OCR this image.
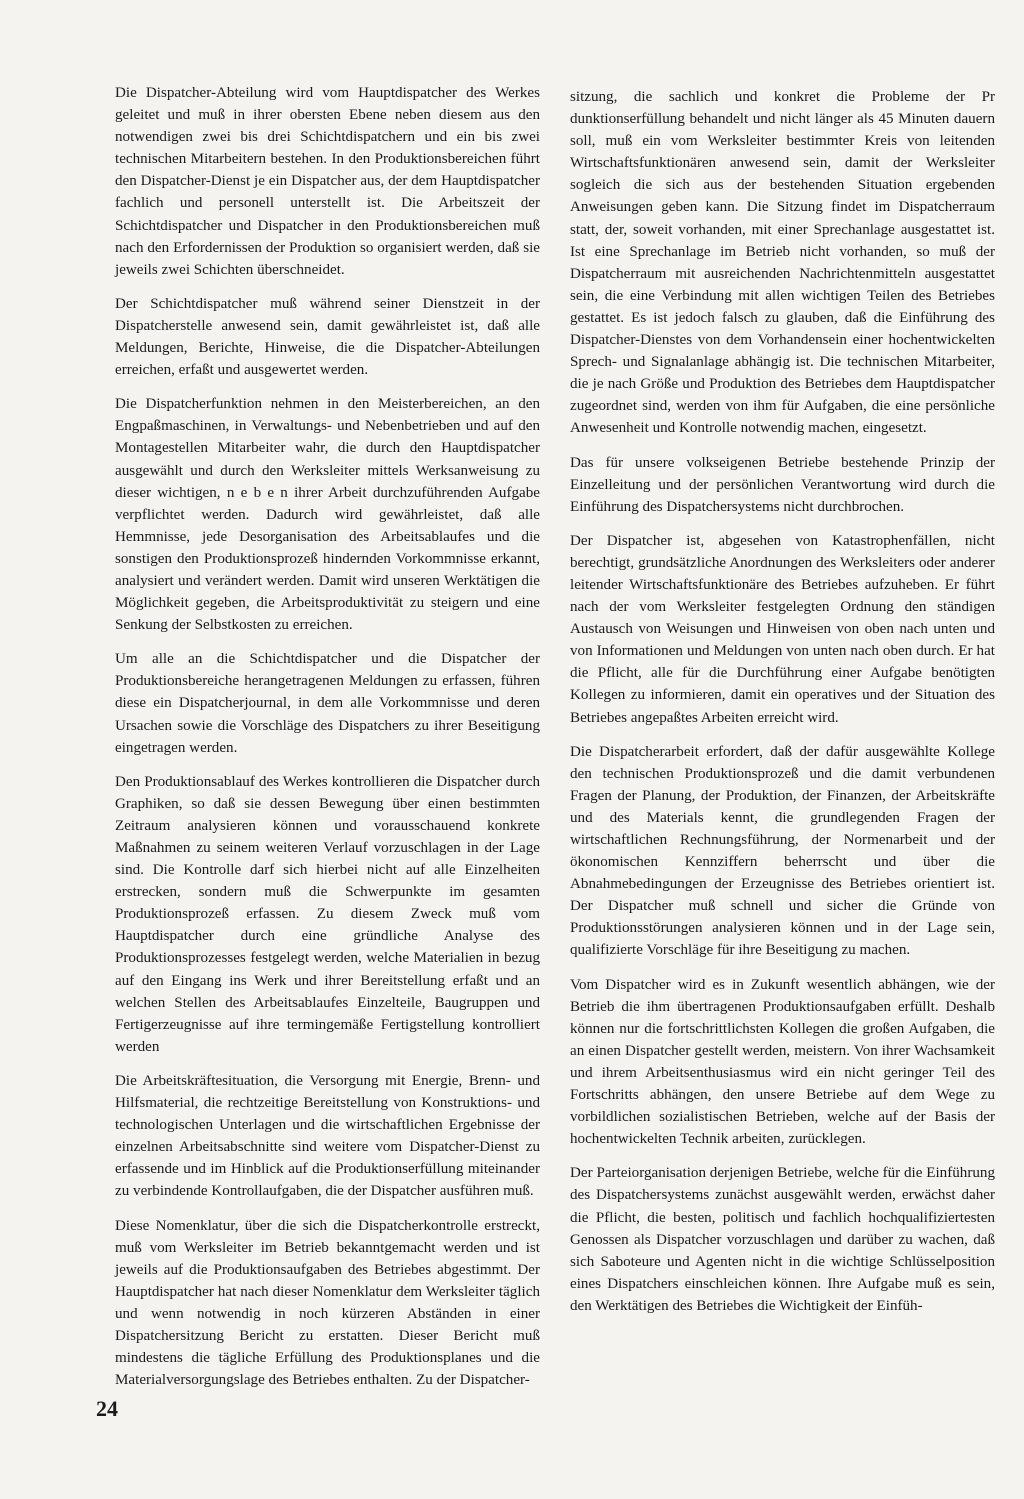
Die Dispatcher-Abteilung wird vom Hauptdispatcher des Werkes geleitet und muß in ihrer obersten Ebene neben diesem aus den notwendigen zwei bis drei Schichtdispatchern und ein bis zwei technischen Mitarbeitern bestehen. In den Produktionsbereichen führt den Dispatcher-Dienst je ein Dispatcher aus, der dem Hauptdispatcher fachlich und personell unterstellt ist. Die Arbeitszeit der Schichtdispatcher und Dispatcher in den Produktionsbereichen muß nach den Erfordernissen der Produktion so organisiert werden, daß sie jeweils zwei Schichten überschneidet.

Der Schichtdispatcher muß während seiner Dienstzeit in der Dispatcherstelle anwesend sein, damit gewährleistet ist, daß alle Meldungen, Berichte, Hinweise, die die Dispatcher-Abteilungen erreichen, erfaßt und ausgewertet werden.

Die Dispatcherfunktion nehmen in den Meisterbereichen, an den Engpaßmaschinen, in Verwaltungs- und Nebenbetrieben und auf den Montagestellen Mitarbeiter wahr, die durch den Hauptdispatcher ausgewählt und durch den Werksleiter mittels Werksanweisung zu dieser wichtigen, n e b e n ihrer Arbeit durchzuführenden Aufgabe verpflichtet werden. Dadurch wird gewährleistet, daß alle Hemmnisse, jede Desorganisation des Arbeitsablaufes und die sonstigen den Produktionsprozeß hindernden Vorkommnisse erkannt, analysiert und verändert werden. Damit wird unseren Werktätigen die Möglichkeit gegeben, die Arbeitsproduktivität zu steigern und eine Senkung der Selbstkosten zu erreichen.

Um alle an die Schichtdispatcher und die Dispatcher der Produktionsbereiche herangetragenen Meldungen zu erfassen, führen diese ein Dispatcherjournal, in dem alle Vorkommnisse und deren Ursachen sowie die Vorschläge des Dispatchers zu ihrer Beseitigung eingetragen werden.

Den Produktionsablauf des Werkes kontrollieren die Dispatcher durch Graphiken, so daß sie dessen Bewegung über einen bestimmten Zeitraum analysieren können und vorausschauend konkrete Maßnahmen zu seinem weiteren Verlauf vorzuschlagen in der Lage sind. Die Kontrolle darf sich hierbei nicht auf alle Einzelheiten erstrecken, sondern muß die Schwerpunkte im gesamten Produktionsprozeß erfassen. Zu diesem Zweck muß vom Hauptdispatcher durch eine gründliche Analyse des Produktionsprozesses festgelegt werden, welche Materialien in bezug auf den Eingang ins Werk und ihrer Bereitstellung erfaßt und an welchen Stellen des Arbeitsablaufes Einzelteile, Baugruppen und Fertigerzeugnisse auf ihre termingemäße Fertigstellung kontrolliert werden

Die Arbeitskräftesituation, die Versorgung mit Energie, Brenn- und Hilfsmaterial, die rechtzeitige Bereitstellung von Konstruktions- und technologischen Unterlagen und die wirtschaftlichen Ergebnisse der einzelnen Arbeitsabschnitte sind weitere vom Dispatcher-Dienst zu erfassende und im Hinblick auf die Produktionserfüllung miteinander zu verbindende Kontrollaufgaben, die der Dispatcher ausführen muß.

Diese Nomenklatur, über die sich die Dispatcherkontrolle erstreckt, muß vom Werksleiter im Betrieb bekanntgemacht werden und ist jeweils auf die Produktionsaufgaben des Betriebes abgestimmt. Der Hauptdispatcher hat nach dieser Nomenklatur dem Werksleiter täglich und wenn notwendig in noch kürzeren Abständen in einer Dispatchersitzung Bericht zu erstatten. Dieser Bericht muß mindestens die tägliche Erfüllung des Produktionsplanes und die Materialversorgungslage des Betriebes enthalten. Zu der Dispatcher-

sitzung, die sachlich und konkret die Probleme der Pr dunktionserfüllung behandelt und nicht länger als 45 Minuten dauern soll, muß ein vom Werksleiter bestimmter Kreis von leitenden Wirtschaftsfunktionären anwesend sein, damit der Werksleiter sogleich die sich aus der bestehenden Situation ergebenden Anweisungen geben kann. Die Sitzung findet im Dispatcherraum statt, der, soweit vorhanden, mit einer Sprechanlage ausgestattet ist. Ist eine Sprechanlage im Betrieb nicht vorhanden, so muß der Dispatcherraum mit ausreichenden Nachrichtenmitteln ausgestattet sein, die eine Verbindung mit allen wichtigen Teilen des Betriebes gestattet. Es ist jedoch falsch zu glauben, daß die Einführung des Dispatcher-Dienstes von dem Vorhandensein einer hochentwickelten Sprech- und Signalanlage abhängig ist. Die technischen Mitarbeiter, die je nach Größe und Produktion des Betriebes dem Hauptdispatcher zugeordnet sind, werden von ihm für Aufgaben, die eine persönliche Anwesenheit und Kontrolle notwendig machen, eingesetzt.

Das für unsere volkseigenen Betriebe bestehende Prinzip der Einzelleitung und der persönlichen Verantwortung wird durch die Einführung des Dispatchersystems nicht durchbrochen.

Der Dispatcher ist, abgesehen von Katastrophenfällen, nicht berechtigt, grundsätzliche Anordnungen des Werksleiters oder anderer leitender Wirtschaftsfunktionäre des Betriebes aufzuheben. Er führt nach der vom Werksleiter festgelegten Ordnung den ständigen Austausch von Weisungen und Hinweisen von oben nach unten und von Informationen und Meldungen von unten nach oben durch. Er hat die Pflicht, alle für die Durchführung einer Aufgabe benötigten Kollegen zu informieren, damit ein operatives und der Situation des Betriebes angepaßtes Arbeiten erreicht wird.

Die Dispatcherarbeit erfordert, daß der dafür ausgewählte Kollege den technischen Produktionsprozeß und die damit verbundenen Fragen der Planung, der Produktion, der Finanzen, der Arbeitskräfte und des Materials kennt, die grundlegenden Fragen der wirtschaftlichen Rechnungsführung, der Normenarbeit und der ökonomischen Kennziffern beherrscht und über die Abnahmebedingungen der Erzeugnisse des Betriebes orientiert ist. Der Dispatcher muß schnell und sicher die Gründe von Produktionsstörungen analysieren können und in der Lage sein, qualifizierte Vorschläge für ihre Beseitigung zu machen.

Vom Dispatcher wird es in Zukunft wesentlich abhängen, wie der Betrieb die ihm übertragenen Produktionsaufgaben erfüllt. Deshalb können nur die fortschrittlichsten Kollegen die großen Aufgaben, die an einen Dispatcher gestellt werden, meistern. Von ihrer Wachsamkeit und ihrem Arbeitsenthusiasmus wird ein nicht geringer Teil des Fortschritts abhängen, den unsere Betriebe auf dem Wege zu vorbildlichen sozialistischen Betrieben, welche auf der Basis der hochentwickelten Technik arbeiten, zurücklegen.

Der Parteiorganisation derjenigen Betriebe, welche für die Einführung des Dispatchersystems zunächst ausgewählt werden, erwächst daher die Pflicht, die besten, politisch und fachlich hochqualifiziertesten Genossen als Dispatcher vorzuschlagen und darüber zu wachen, daß sich Saboteure und Agenten nicht in die wichtige Schlüsselposition eines Dispatchers einschleichen können. Ihre Aufgabe muß es sein, den Werktätigen des Betriebes die Wichtigkeit der Einfüh-

24
